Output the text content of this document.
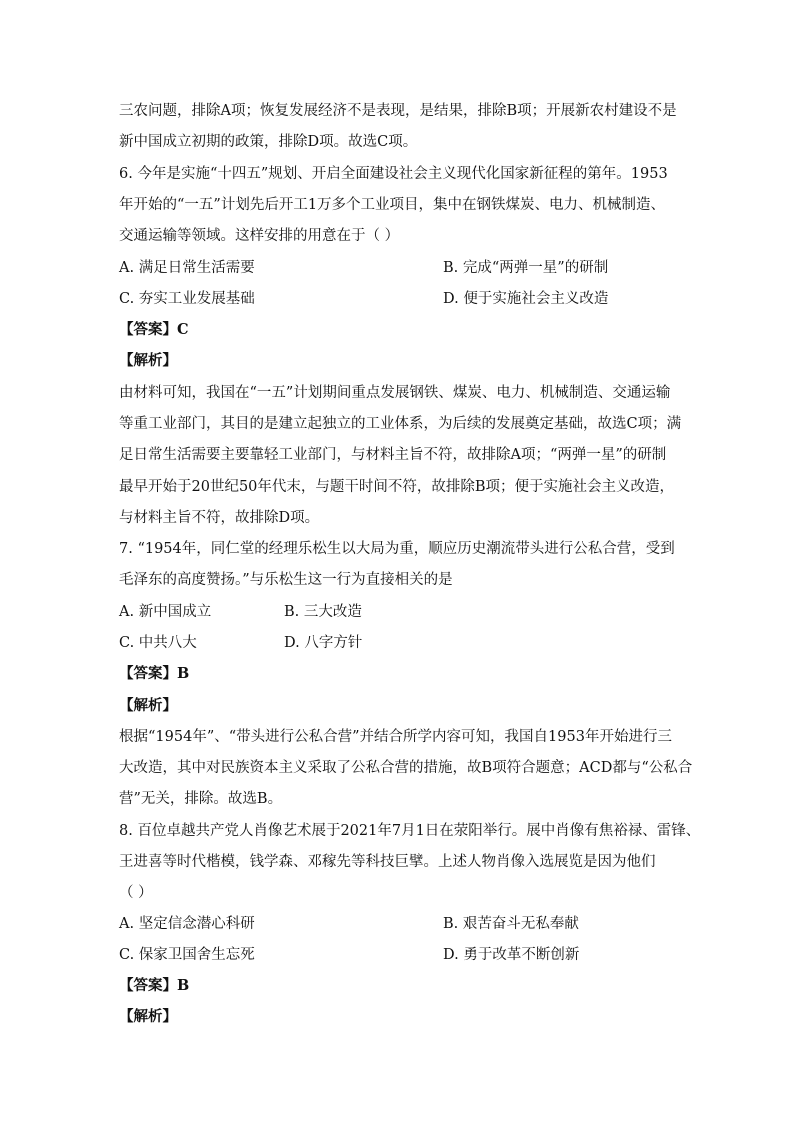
三农问题，排除A项；恢复发展经济不是表现，是结果，排除B项；开展新农村建设不是
新中国成立初期的政策，排除D项。故选C项。
6. 今年是实施“十四五”规划、开启全面建设社会主义现代化国家新征程的第年。1953
年开始的“一五”计划先后开工1万多个工业项目，集中在钢铁煤炭、电力、机械制造、
交通运输等领域。这样安排的用意在于（ ）
A. 满足日常生活需要	B. 完成“两弹一星”的研制
C. 夯实工业发展基础	D. 便于实施社会主义改造
【答案】C
【解析】
由材料可知，我国在“一五”计划期间重点发展钢铁、煤炭、电力、机械制造、交通运输
等重工业部门，其目的是建立起独立的工业体系，为后续的发展奠定基础，故选C项；满
足日常生活需要主要靠轻工业部门，与材料主旨不符，故排除A项；“两弹一星”的研制
最早开始于20世纪50年代末，与题干时间不符，故排除B项；便于实施社会主义改造，
与材料主旨不符，故排除D项。
7. “1954年，同仁堂的经理乐松生以大局为重，顺应历史潮流带头进行公私合营，受到
毛泽东的高度赞扬。”与乐松生这一行为直接相关的是
A. 新中国成立	B. 三大改造
C. 中共八大	D. 八字方针
【答案】B
【解析】
根据“1954年”、“带头进行公私合营”并结合所学内容可知，我国自1953年开始进行三
大改造，其中对民族资本主义采取了公私合营的措施，故B项符合题意；ACD都与“公私合
营”无关，排除。故选B。
8. 百位卓越共产党人肖像艺术展于2021年7月1日在荥阳举行。展中肖像有焦裕禄、雷锋、
王进喜等时代楷模，钱学森、邓稼先等科技巨擘。上述人物肖像入选展览是因为他们
（ ）
A. 坚定信念潜心科研	B. 艰苦奋斗无私奉献
C. 保家卫国舍生忘死	D. 勇于改革不断创新
【答案】B
【解析】
